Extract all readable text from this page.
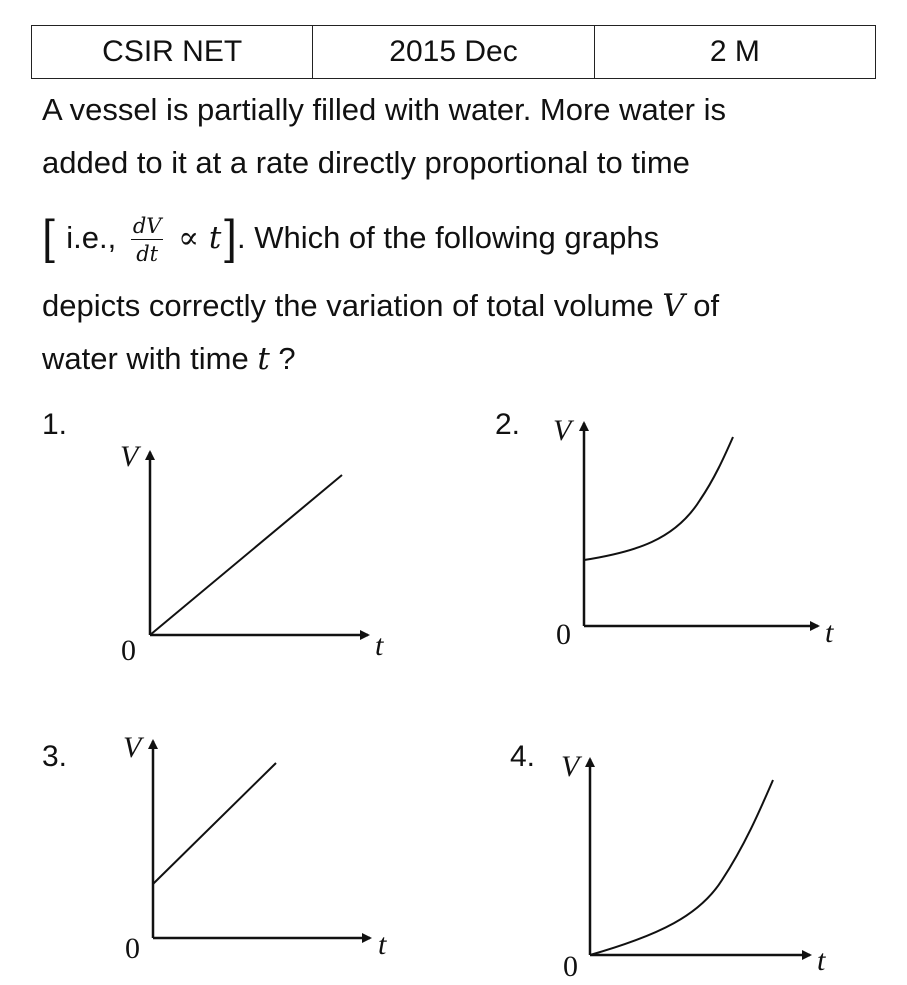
CSIR NET	2015 Dec	2 M
A vessel is partially filled with water. More water is
added to it at a rate directly proportional to time
[ i.e., $\frac{dV}{dt} \propto t$]. Which of the following graphs
depicts correctly the variation of total volume V of
water with time t ?
1.	2.
3.	4.
V
t
0
V
t
0
V
t
0
V
t
0
